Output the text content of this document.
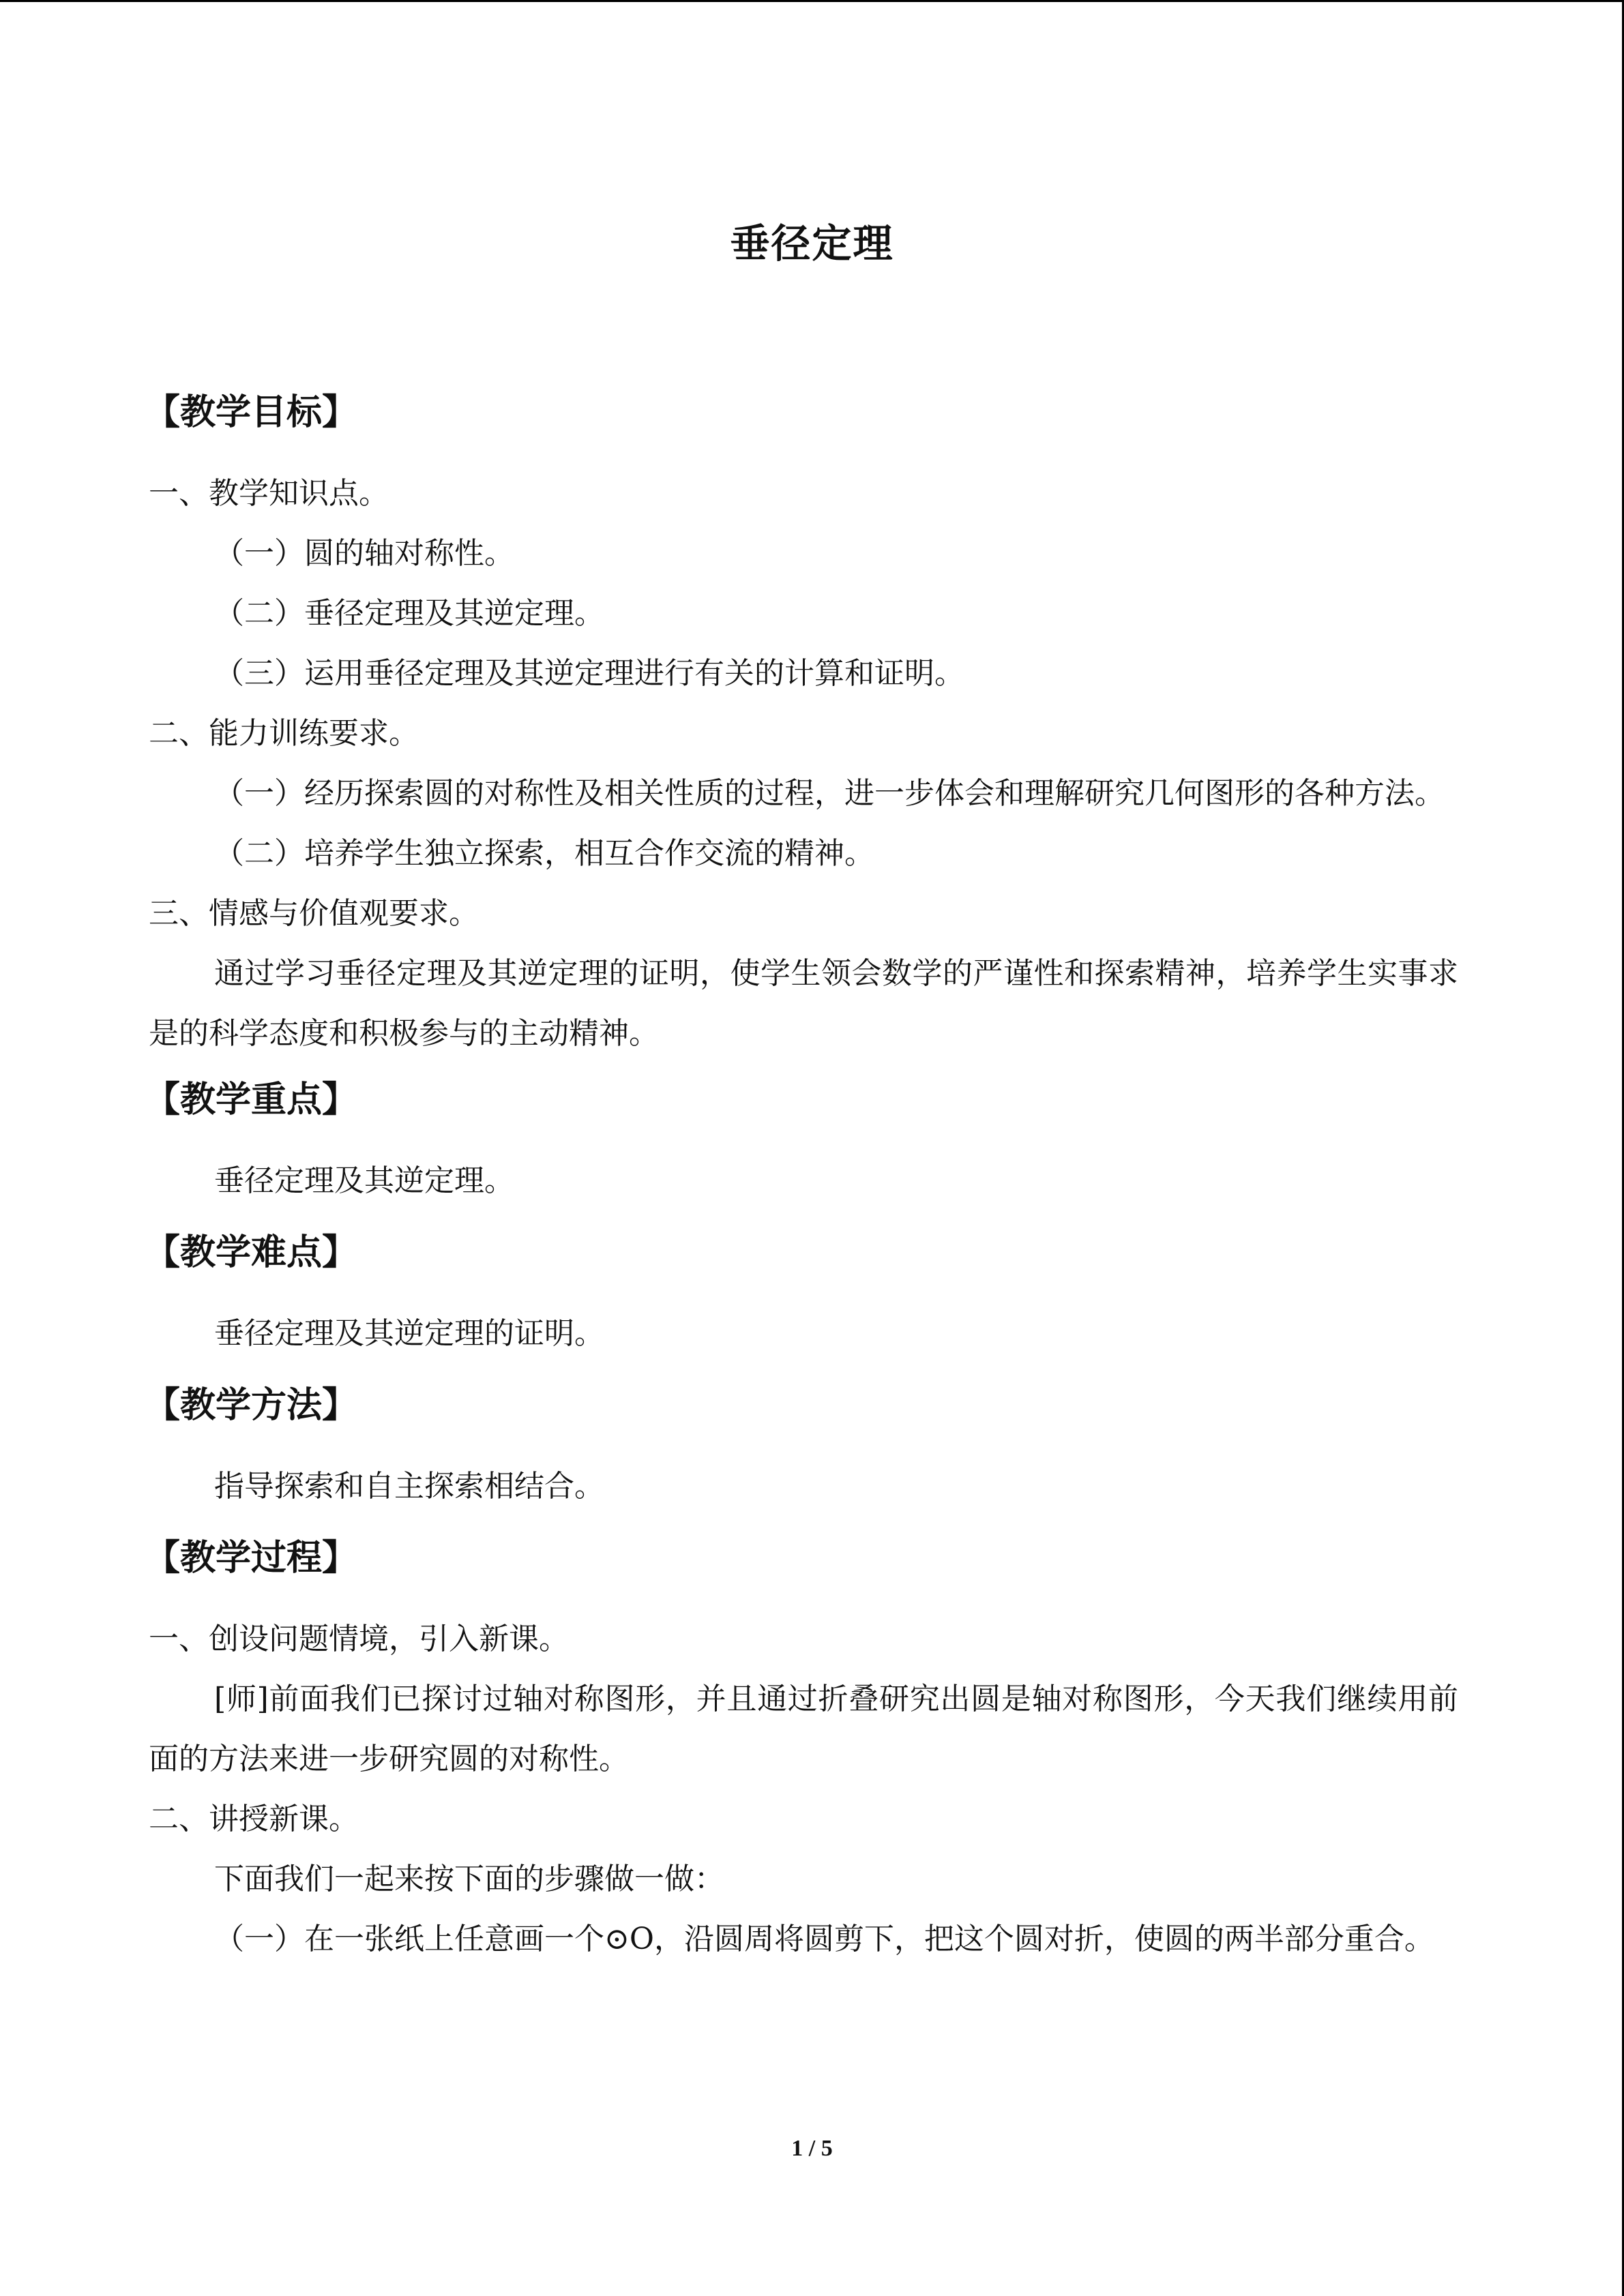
垂径定理
【教学目标】
一、教学知识点。
（一）圆的轴对称性。
（二）垂径定理及其逆定理。
（三）运用垂径定理及其逆定理进行有关的计算和证明。
二、能力训练要求。
（一）经历探索圆的对称性及相关性质的过程，进一步体会和理解研究几何图形的各种方法。
（二）培养学生独立探索，相互合作交流的精神。
三、情感与价值观要求。
通过学习垂径定理及其逆定理的证明，使学生领会数学的严谨性和探索精神，培养学生实事求是的科学态度和积极参与的主动精神。
【教学重点】
垂径定理及其逆定理。
【教学难点】
垂径定理及其逆定理的证明。
【教学方法】
指导探索和自主探索相结合。
【教学过程】
一、创设问题情境，引入新课。
[师]前面我们已探讨过轴对称图形，并且通过折叠研究出圆是轴对称图形，今天我们继续用前面的方法来进一步研究圆的对称性。
二、讲授新课。
下面我们一起来按下面的步骤做一做：
（一）在一张纸上任意画一个⊙O，沿圆周将圆剪下，把这个圆对折，使圆的两半部分重合。
1 / 5
